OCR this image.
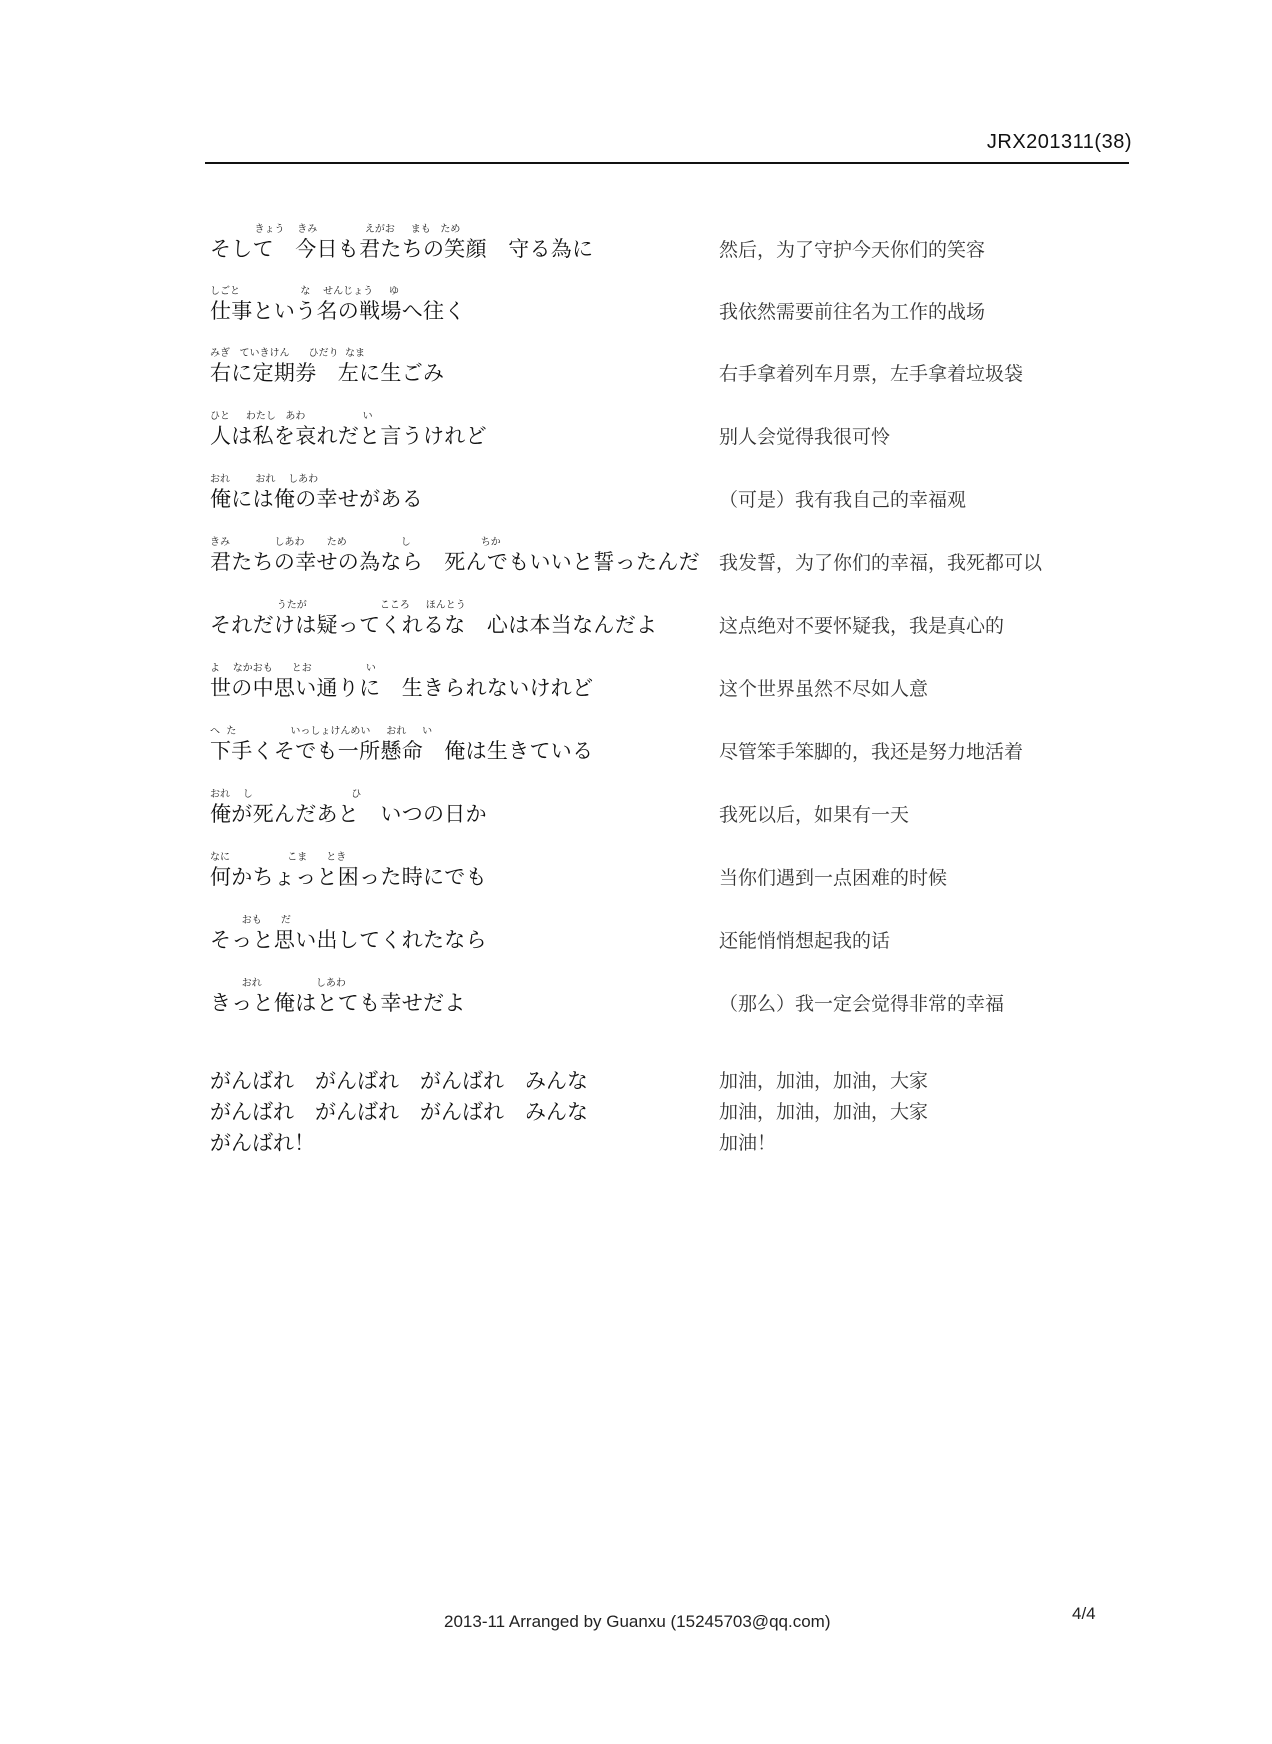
JRX201311(38)
きょう    きみ               えがお     まも   ため
そして　今日も君たちの笑顔　守る為に	然后，为了守护今天你们的笑容
しごと                   な    せんじょう     ゆ
仕事という名の戦場へ往く	我依然需要前往名为工作的战场
みぎ   ていきけん      ひだり  なま
右に定期券　左に生ごみ	右手拿着列车月票，左手拿着垃圾袋
ひと     わたし   あわ                  い
人は私を哀れだと言うけれど	别人会觉得我很可怜
おれ        おれ    しあわ
俺には俺の幸せがある	（可是）我有我自己的幸福观
きみ              しあわ       ため                 し                      ちか
君たちの幸せの為なら　死んでもいいと誓ったんだ	我发誓，为了你们的幸福，我死都可以
うたが                       こころ     ほんとう
それだけは疑ってくれるな　心は本当なんだよ	这点绝对不要怀疑我，我是真心的
よ    なかおも      とお                 い
世の中思い通りに　生きられないけれど	这个世界虽然不尽如人意
へ  た                 いっしょけんめい     おれ     い
下手くそでも一所懸命　俺は生きている	尽管笨手笨脚的，我还是努力地活着
おれ    し                               ひ
俺が死んだあと　いつの日か	我死以后，如果有一天
なに                  こま      とき
何かちょっと困った時にでも	当你们遇到一点困难的时候
おも      だ
そっと思い出してくれたなら	还能悄悄想起我的话
おれ                 しあわ
きっと俺はとても幸せだよ	（那么）我一定会觉得非常的幸福
がんばれ　がんばれ　がんばれ　みんな	加油，加油，加油，大家
がんばれ　がんばれ　がんばれ　みんな	加油，加油，加油，大家
がんばれ！	加油！
2013-11 Arranged by Guanxu (15245703@qq.com)	4/4
